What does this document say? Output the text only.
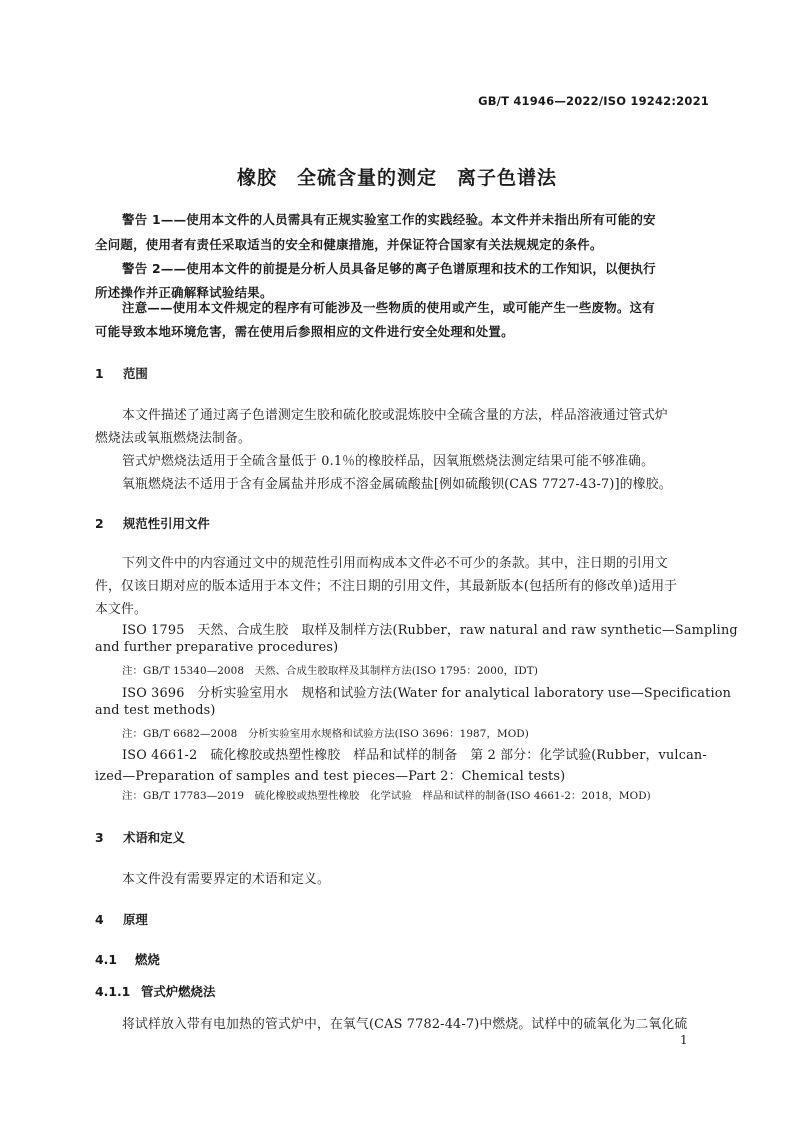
GB/T 41946—2022/ISO 19242:2021
橡胶　全硫含量的测定　离子色谱法
警告 1——使用本文件的人员需具有正规实验室工作的实践经验。本文件并未指出所有可能的安
全问题，使用者有责任采取适当的安全和健康措施，并保证符合国家有关法规规定的条件。
警告 2——使用本文件的前提是分析人员具备足够的离子色谱原理和技术的工作知识，以便执行
所述操作并正确解释试验结果。
注意——使用本文件规定的程序有可能涉及一些物质的使用或产生，或可能产生一些废物。这有
可能导致本地环境危害，需在使用后参照相应的文件进行安全处理和处置。
1 范围
本文件描述了通过离子色谱测定生胶和硫化胶或混炼胶中全硫含量的方法，样品溶液通过管式炉
燃烧法或氧瓶燃烧法制备。
管式炉燃烧法适用于全硫含量低于 0.1％的橡胶样品，因氧瓶燃烧法测定结果可能不够准确。
氧瓶燃烧法不适用于含有金属盐并形成不溶金属硫酸盐[例如硫酸钡(CAS 7727-43-7)]的橡胶。
2 规范性引用文件
下列文件中的内容通过文中的规范性引用而构成本文件必不可少的条款。其中，注日期的引用文
件，仅该日期对应的版本适用于本文件；不注日期的引用文件，其最新版本(包括所有的修改单)适用于
本文件。
ISO 1795　天然、合成生胶　取样及制样方法(Rubber，raw natural and raw synthetic—Sampling
and further preparative procedures)
注：GB/T 15340—2008　天然、合成生胶取样及其制样方法(ISO 1795：2000，IDT)
ISO 3696　分析实验室用水　规格和试验方法(Water for analytical laboratory use—Specification
and test methods)
注：GB/T 6682—2008　分析实验室用水规格和试验方法(ISO 3696：1987，MOD)
ISO 4661-2　硫化橡胶或热塑性橡胶　样品和试样的制备　第 2 部分：化学试验(Rubber，vulcan-
ized—Preparation of samples and test pieces—Part 2：Chemical tests)
注：GB/T 17783—2019　硫化橡胶或热塑性橡胶　化学试验　样品和试样的制备(ISO 4661-2：2018，MOD)
3 术语和定义
本文件没有需要界定的术语和定义。
4 原理
4.1 燃烧
4.1.1 管式炉燃烧法
将试样放入带有电加热的管式炉中，在氧气(CAS 7782-44-7)中燃烧。试样中的硫氧化为二氧化硫
1
